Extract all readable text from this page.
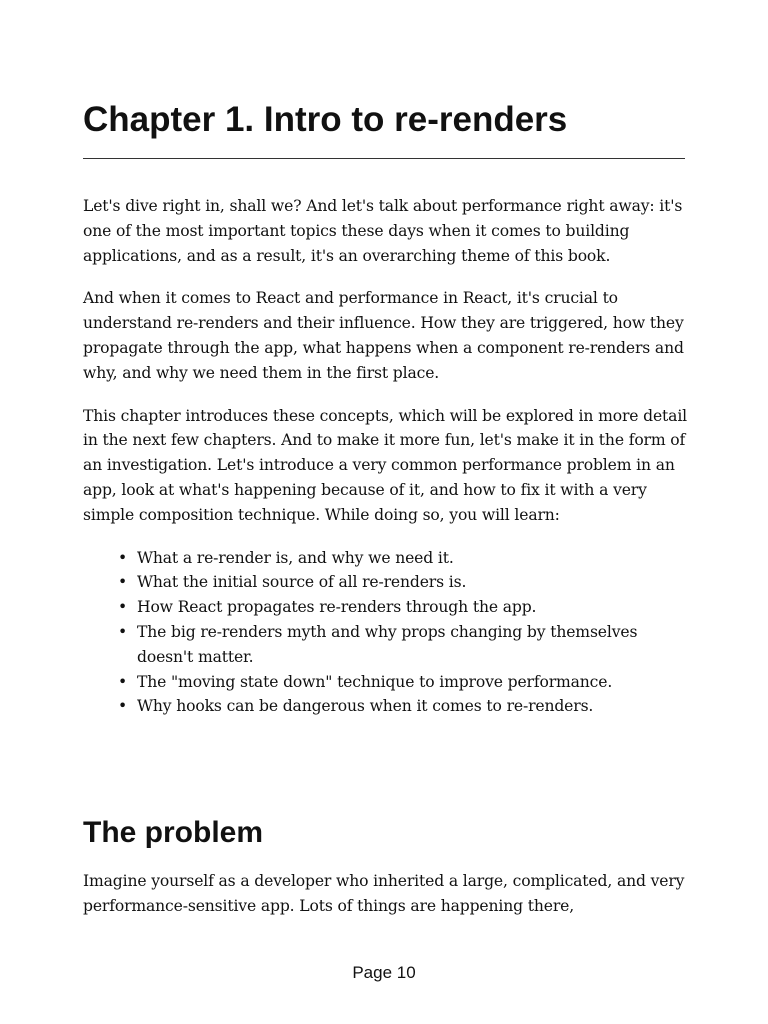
Chapter 1. Intro to re-renders

Let's dive right in, shall we? And let's talk about performance right away: it's one of the most important topics these days when it comes to building applications, and as a result, it's an overarching theme of this book.

And when it comes to React and performance in React, it's crucial to understand re-renders and their influence. How they are triggered, how they propagate through the app, what happens when a component re-renders and why, and why we need them in the first place.

This chapter introduces these concepts, which will be explored in more detail in the next few chapters. And to make it more fun, let's make it in the form of an investigation. Let's introduce a very common performance problem in an app, look at what's happening because of it, and how to fix it with a very simple composition technique. While doing so, you will learn:

• What a re-render is, and why we need it.
• What the initial source of all re-renders is.
• How React propagates re-renders through the app.
• The big re-renders myth and why props changing by themselves doesn't matter.
• The "moving state down" technique to improve performance.
• Why hooks can be dangerous when it comes to re-renders.
The problem

Imagine yourself as a developer who inherited a large, complicated, and very performance-sensitive app. Lots of things are happening there,

Page 10
